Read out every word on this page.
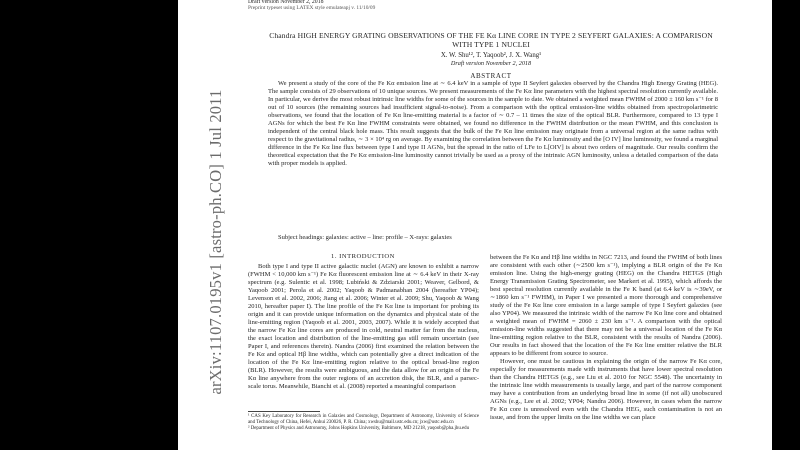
arXiv:1107.0195v1 [astro-ph.CO] 1 Jul 2011
Draft version November 2, 2018
Preprint typeset using LATEX style emulateapj v. 11/10/09
Chandra HIGH ENERGY GRATING OBSERVATIONS OF THE FE Kα LINE CORE IN TYPE 2 SEYFERT GALAXIES: A COMPARISON WITH TYPE 1 NUCLEI
X. W. Shu¹², T. Yaqoob², J. X. Wang¹
Draft version November 2, 2018
ABSTRACT
We present a study of the core of the Fe Kα emission line at ∼ 6.4 keV in a sample of type II Seyfert galaxies observed by the Chandra High Energy Grating (HEG). The sample consists of 29 observations of 10 unique sources. We present measurements of the Fe Kα line parameters with the highest spectral resolution currently available. In particular, we derive the most robust intrinsic line widths for some of the sources in the sample to date. We obtained a weighted mean FWHM of 2000 ± 160 km s⁻¹ for 8 out of 10 sources (the remaining sources had insufficient signal-to-noise). From a comparison with the optical emission-line widths obtained from spectropolarimetric observations, we found that the location of Fe Kα line-emitting material is a factor of ∼ 0.7 – 11 times the size of the optical BLR. Furthermore, compared to 13 type I AGNs for which the best Fe Kα line FWHM constraints were obtained, we found no difference in the FWHM distribution or the mean FWHM, and this conclusion is independent of the central black hole mass. This result suggests that the bulk of the Fe Kα line emission may originate from a universal region at the same radius with respect to the gravitational radius, ∼ 3 × 10⁴ rg on average. By examining the correlation between the Fe Kα luminosity and the [O IV] line luminosity, we found a marginal difference in the Fe Kα line flux between type I and type II AGNs, but the spread in the ratio of LFe to L[OIV] is about two orders of magnitude. Our results confirm the theoretical expectation that the Fe Kα emission-line luminosity cannot trivially be used as a proxy of the intrinsic AGN luminosity, unless a detailed comparison of the data with proper models is applied.
Subject headings: galaxies: active – line: profile – X-rays: galaxies
1. INTRODUCTION
Both type I and type II active galactic nuclei (AGN) are known to exhibit a narrow (FWHM < 10,000 km s⁻¹) Fe Kα fluorescent emission line at ∼ 6.4 keV in their X-ray spectrum (e.g. Sulentic et al. 1998; Lubiński & Zdziarski 2001; Weaver, Gelbord, & Yaqoob 2001; Perola et al. 2002; Yaqoob & Padmanabhan 2004 (hereafter YP04); Levenson et al. 2002, 2006; Jiang et al. 2006; Winter et al. 2009; Shu, Yaqoob & Wang 2010, hereafter paper I). The line profile of the Fe Kα line is important for probing its origin and it can provide unique information on the dynamics and physical state of the line-emitting region (Yaqoob et al. 2001, 2003, 2007). While it is widely accepted that the narrow Fe Kα line cores are produced in cold, neutral matter far from the nucleus, the exact location and distribution of the line-emitting gas still remain uncertain (see Paper I, and references therein). Nandra (2006) first examined the relation between the Fe Kα and optical Hβ line widths, which can potentially give a direct indication of the location of the Fe Kα line-emitting region relative to the optical broad-line region (BLR). However, the results were ambiguous, and the data allow for an origin of the Fe Kα line anywhere from the outer regions of an accretion disk, the BLR, and a parsec-scale torus. Meanwhile, Bianchi et al. (2008) reported a meaningful comparison

between the Fe Kα and Hβ line widths in NGC 7213, and found the FWHM of both lines are consistent with each other (∼2500 km s⁻¹), implying a BLR origin of the Fe Kα emission line. Using the high-energy grating (HEG) on the Chandra HETGS (High Energy Transmission Grating Spectrometer, see Markert et al. 1995), which affords the best spectral resolution currently available in the Fe K band (at 6.4 keV is ∼39eV, or ∼1860 km s⁻¹ FWHM), in Paper I we presented a more thorough and comprehensive study of the Fe Kα line core emission in a large sample of type I Seyfert galaxies (see also YP04). We measured the intrinsic width of the narrow Fe Kα line core and obtained a weighted mean of FWHM = 2060 ± 230 km s⁻¹. A comparison with the optical emission-line widths suggested that there may not be a universal location of the Fe Kα line-emitting region relative to the BLR, consistent with the results of Nandra (2006). Our results in fact showed that the location of the Fe Kα line emitter relative the BLR appears to be different from source to source.

However, one must be cautious in explaining the origin of the narrow Fe Kα core, especially for measurements made with instruments that have lower spectral resolution than the Chandra HETGS (e.g., see Liu et al. 2010 for NGC 5548). The uncertainty in the intrinsic line width measurements is usually large, and part of the narrow component may have a contribution from an underlying broad line in some (if not all) unobscured AGNs (e.g., Lee et al. 2002; YP04; Nandra 2006). However, in cases when the narrow Fe Kα core is unresolved even with the Chandra HEG, such contamination is not an issue, and from the upper limits on the line widths we can place

¹ CAS Key Laboratory for Research in Galaxies and Cosmology, Department of Astronomy, University of Science and Technology of China, Hefei, Anhui 230026, P. R. China; xwshu@mail.ustc.edu.cn; jxw@ustc.edu.cn

² Department of Physics and Astronomy, Johns Hopkins University, Baltimore, MD 21218, yaqoob@pha.jhu.edu
